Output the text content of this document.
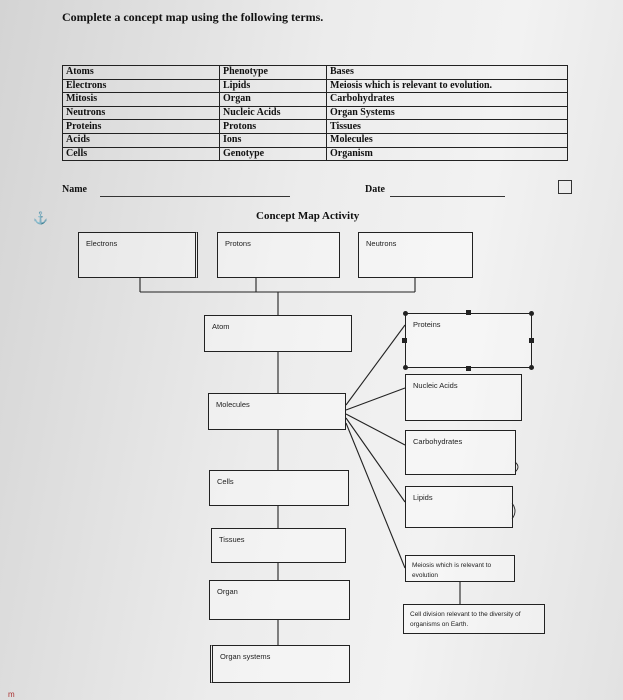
Complete a concept map using the following terms.
Atoms	Phenotype	Bases
Electrons	Lipids	Meiosis which is relevant to evolution.
Mitosis	Organ	Carbohydrates
Neutrons	Nucleic Acids	Organ Systems
Proteins	Protons	Tissues
Acids	Ions	Molecules
Cells	Genotype	Organism
Name	Date
⚓	Concept Map Activity
Electrons	Protons	Neutrons
Atom	Proteins
Nucleic Acids
Molecules
Carbohydrates
Cells
Lipids
Tissues
Meiosis which is relevant to evolution
Organ
Cell division relevant to the diversity of organisms on Earth.
Organ systems
m
